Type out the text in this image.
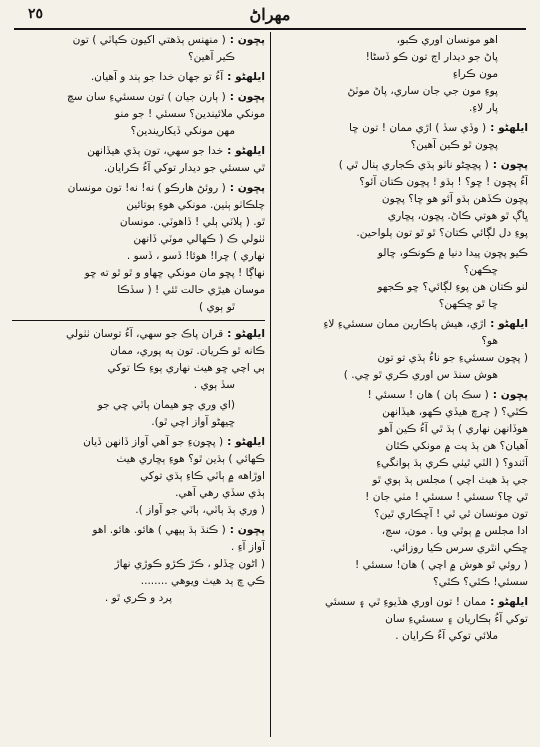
٢٥	مهراڻ
اهو مونسان اوري ڪبو،
پاڻ جو ديدار اڄ تون ڪو ڏسڻا!
مون ڪراءِ
پوءِ مون جي جان ساري، پاڻ موٽڻ
پار لاءِ.
ايلهڻو :( وڏي سڏ ) اڙي ممان ! تون ڇا
پڇون ٿو ڪين آهين؟
پڇون :( پڇڇڻو ناٺو ٻڌي ڪجاري ٻنال ٿي )
آءُ پڇون ! ڇو؟ ! ٻڌو ! پڇون ڪتان آئو؟
پڇون ڪڏهن ٻڌو آئو هو ڇا؟ پڇون
ڀاڳ ٿو هوتي ڪاڻ. پڇون، پڇاري
پوءِ دل لڳائي ڪتان؟ ٿو ٿو تون ٻلواحين.
ڪيو پڇون پيدا دنيا ۾ ڪونڪو، ڇالو
ڇڪهن؟
لنو ڪتان هن پوءِ لڳائي؟ ڇو ڪجهو
ڇا ٿو ڇڪهن؟
ايلهڻو :اڙي، هيش ٻاڪارين ممان سسئيءِ لاءِ
هو؟
( پڇون سسئيءِ جو ناءُ ٻڌي تو تون
هوش سنڌ س اوري ڪري ٿو ڇي. )
پڇون :( سڪ ٻان ) هان ! سسئي !
ڪٿي؟ ( ڇرچ هيڏي ڪهو، هيڏانهن
هوڏانهن نهاري ) ٻڌ ٿي آءُ ڪين آهو
آهيان؟ هن ٻڌ پت ۾ مونکي ڪٿان
آئندو؟ ( الٽي ٿيٺي ڪري ٻڌ ٻوانگيءِ
جي ٻڌ هيٺ اچي ) مجلس ٻڌ ٻوي ٿو
ٿي ڇا؟ سسئي ! سسئي ! مٺي جان !
تون مونسان ٿي ٿي ! آڇڪاري ٿين؟
ادا مجلس ۾ ٻوٿي ويا . مون، سڄ،
ڇڪي انٿري سرس ڪيا روزائي.
( روئي ٿو هوش ۾ اچي ) هان! سسئي !
سسئي! ڪٿي؟ ڪٿي؟
ايلهڻو :ممان ! تون اوري هڏيوءِ ٿي ۽ سسئي
توکي آءُ ٻڪاريان ۽ سسئيءِ سان
ملائي توکي آءُ ڪرايان .
پڇون :( منهنس ٻڌهتي اکيون ڪپاٽي ) تون
ڪير آهين؟
ايلهڻو :آءُ تو جهان خدا جو ٻند و آهيان.
پڇون :( ٻارن جيان ) تون سسئيءِ سان سچ
مونکي ملائيندين؟ سسئي ! جو منو
مهن مونکي ڏيکاريندين؟
ايلهڻو :خدا جو سهي، تون ٻڌي هيڏانهن
ٿي سسئي جو ديدار توکي آءُ ڪرايان.
پڇون :( روئڻ هارڪو ) نه! نه! تون مونسان
چلڪاٺو ٻٺين. مونکي هوءِ ٻوتائين
ٿو. ( ٻلاٽي ٻلي ! ڏاهوٽي. مونسان
ٺٺولي ڪ ( ڪهالي موٽي ڏانهن
نهاري ) ڇرا! هوئا! ڏسو ، ڏسو .
نهاڳا ! پڇو مان مونکي ڇهاو و ٿو ٿو ته ڇو
موسان هيڙي حالت ٿئي ! ( سڏڪا
ٿو ٻوي )
ايلهڻو :قران پاڪ جو سهي، آءُ توسان ٺٺولي
ڪانه ٿو ڪريان. تون ٻه پوري، ممان
ٻي اچي ڇو هيٺ نهاري ٻوءِ ڪا توکي
سڏ ٻوي .
(اي وري ڇو هيمان ٻاٽي ڇي جو
ڇيهڻو آواز اچي ٿو).
ايلهڻو :( پڇونءِ جو آهي آواز ڏانهن ڏيان
ڪهائي ) ٻڌين ٿو؟ هوءِ ٻڇاري هيٺ
اوڙاهه ۾ ٻاٽي ڪاءِ ٻڌي توکي
ٻڌي سڏي رهي آهي.
( وري ٻڌ ٻاٽي، ٻاٽي جو آواز ).
پڇون :( ڪنڌ ٻڌ ٻيهي ) هائو. هائو. اهو
آواز آءِ .
( اڻون ڇڏلو ، ڪڙ ڪڙو ڪوڙي نهاڙ
ڪي ڇ ٻد هيٺ ويوهي ........
پرد و ڪري ٿو .
